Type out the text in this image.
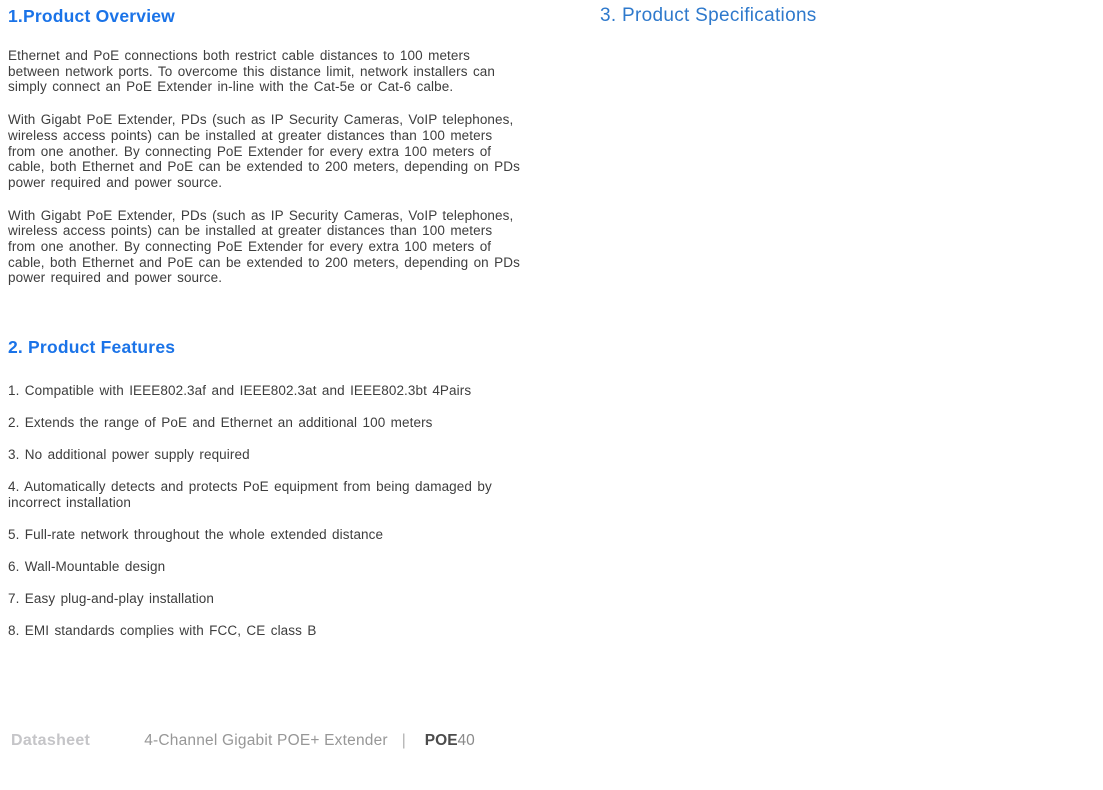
1.Product Overview

Ethernet and PoE connections both restrict cable distances to 100 meters between network ports. To overcome this distance limit, network installers can simply connect an PoE Extender in-line with the Cat-5e or Cat-6 calbe.

With Gigabt PoE Extender, PDs (such as IP Security Cameras, VoIP telephones, wireless access points) can be installed at greater distances than 100 meters from one another. By connecting PoE Extender for every extra 100 meters of cable, both Ethernet and PoE can be extended to 200 meters, depending on PDs power required and power source.

With Gigabt PoE Extender, PDs (such as IP Security Cameras, VoIP telephones, wireless access points) can be installed at greater distances than 100 meters from one another. By connecting PoE Extender for every extra 100 meters of cable, both Ethernet and PoE can be extended to 200 meters, depending on PDs power required and power source.

2. Product Features
1. Compatible with IEEE802.3af and IEEE802.3at and IEEE802.3bt 4Pairs
2. Extends the range of PoE and Ethernet an additional 100 meters
3. No additional power supply required
4. Automatically detects and protects PoE equipment from being damaged by incorrect installation
5. Full-rate network throughout the whole extended distance
6. Wall-Mountable design
7. Easy plug-and-play installation
8. EMI standards complies with FCC, CE class B
3. Product Specifications
Datasheet	4-Channel Gigabit POE+ Extender | POE40
